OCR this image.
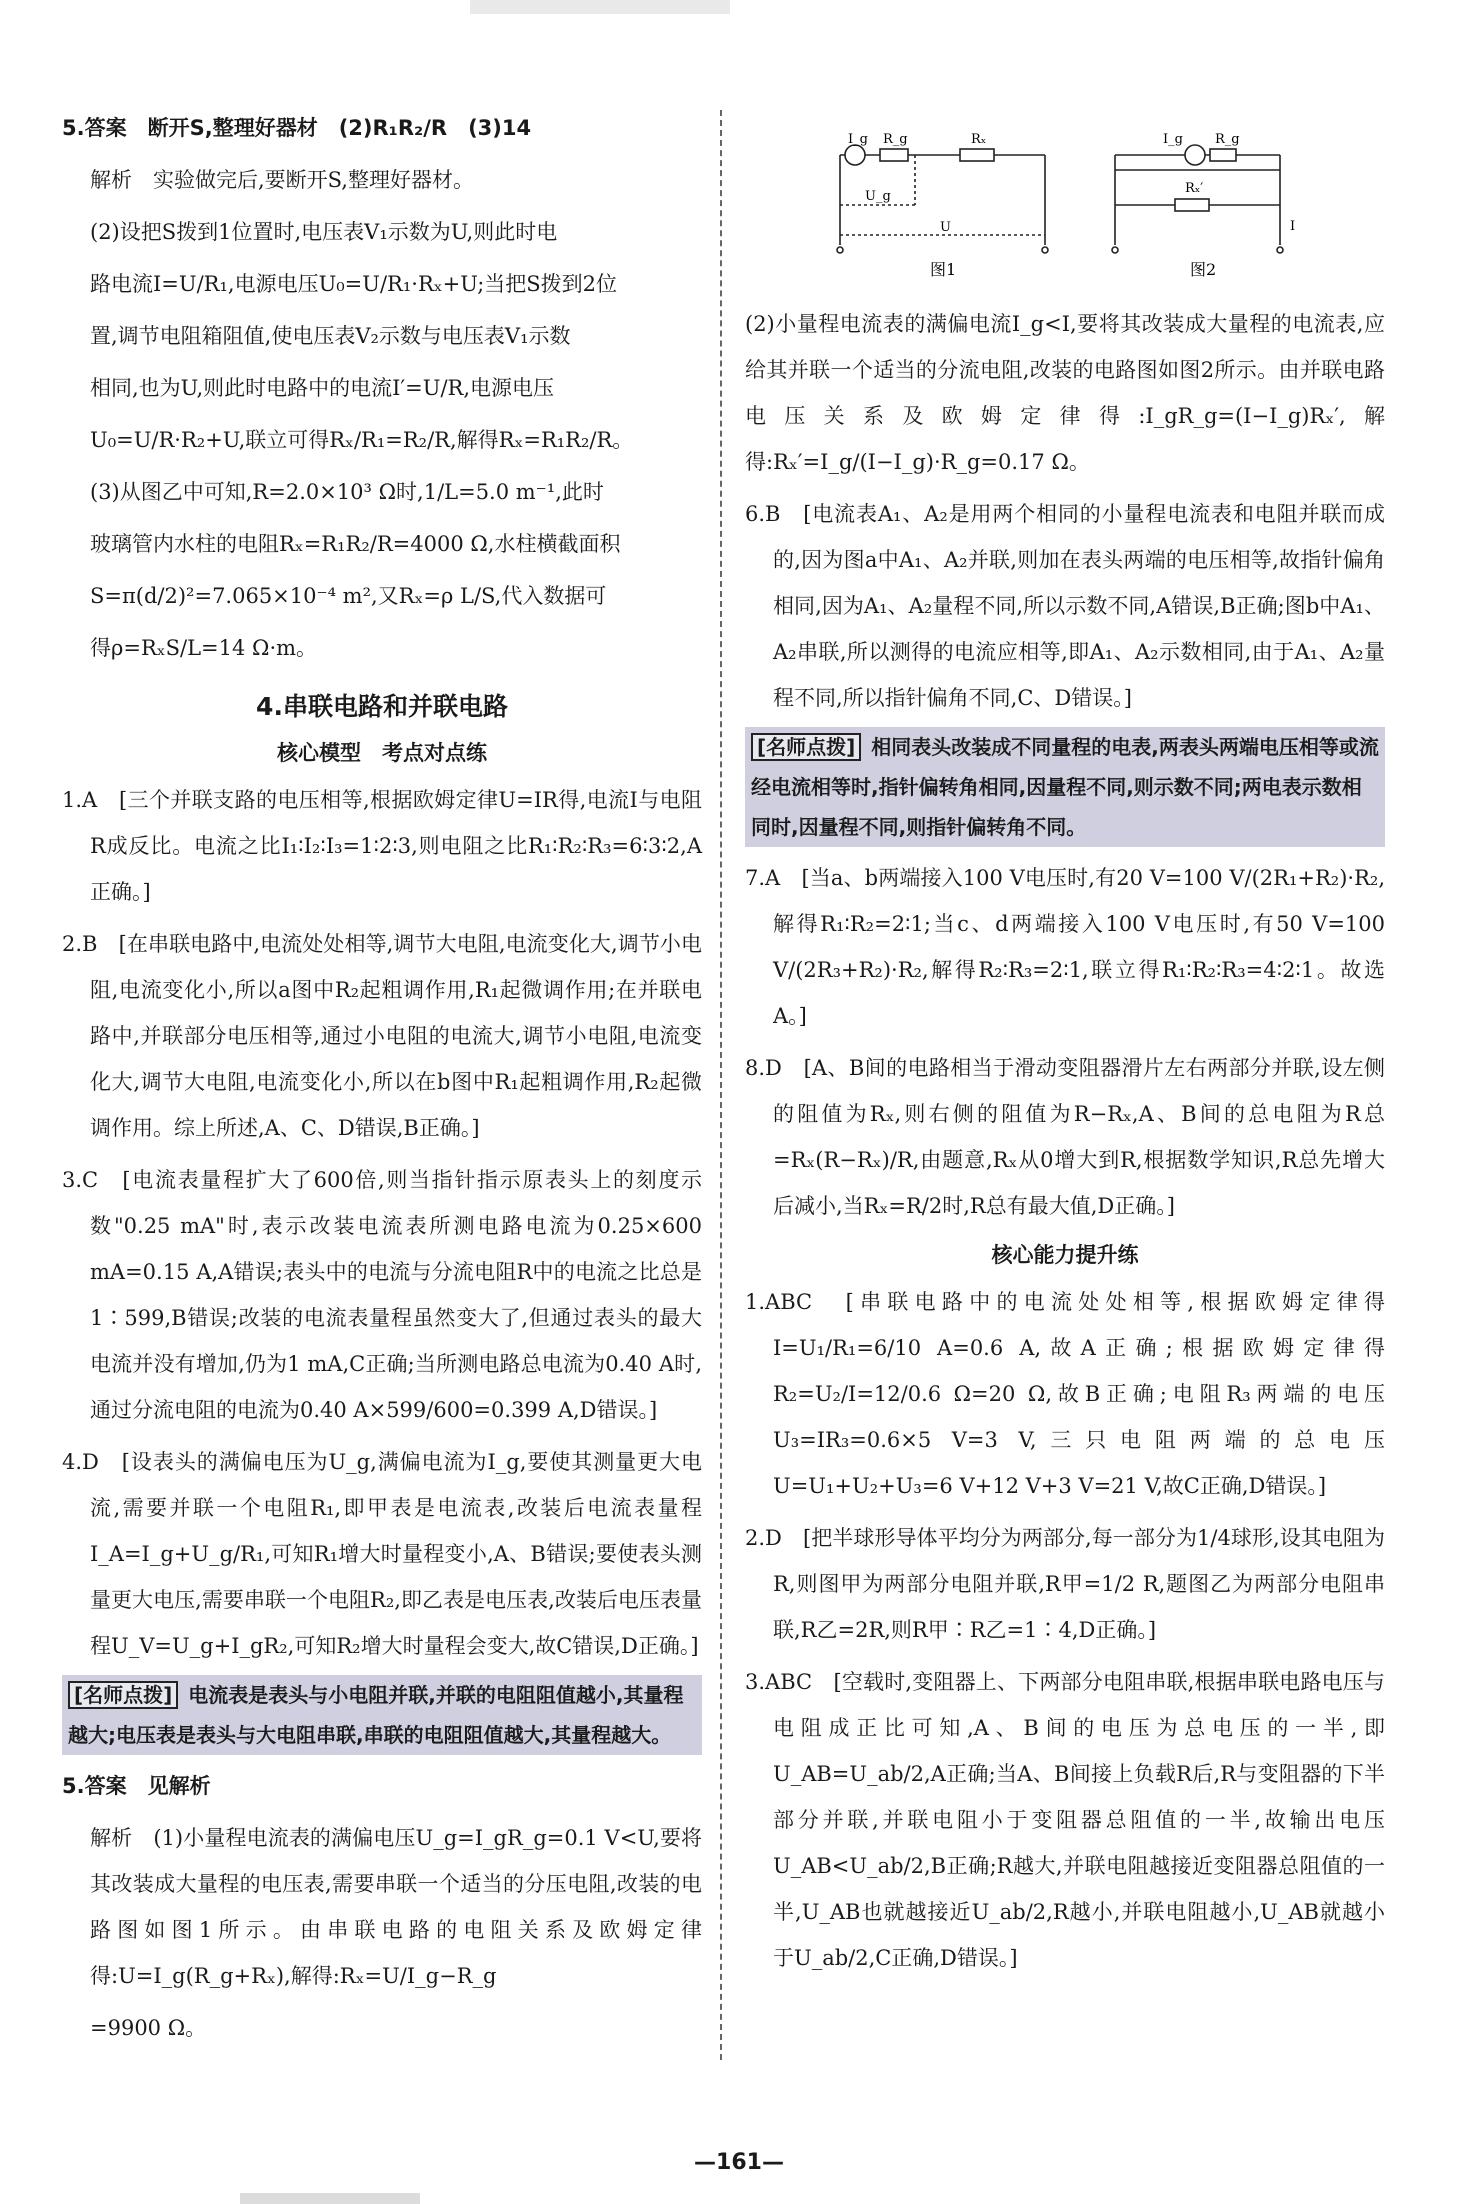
5.答案　断开S,整理好器材　(2)R₁R₂/R　(3)14

解析　实验做完后,要断开S,整理好器材。

(2)设把S拨到1位置时,电压表V₁示数为U,则此时电

路电流I=U/R₁,电源电压U₀=U/R₁·Rₓ+U;当把S拨到2位

置,调节电阻箱阻值,使电压表V₂示数与电压表V₁示数

相同,也为U,则此时电路中的电流I′=U/R,电源电压

U₀=U/R·R₂+U,联立可得Rₓ/R₁=R₂/R,解得Rₓ=R₁R₂/R。

(3)从图乙中可知,R=2.0×10³ Ω时,1/L=5.0 m⁻¹,此时

玻璃管内水柱的电阻Rₓ=R₁R₂/R=4000 Ω,水柱横截面积

S=π(d/2)²=7.065×10⁻⁴ m²,又Rₓ=ρ L/S,代入数据可

得ρ=RₓS/L=14 Ω·m。

4.串联电路和并联电路
核心模型　考点对点练

1.A　[三个并联支路的电压相等,根据欧姆定律U=IR得,电流I与电阻R成反比。电流之比I₁∶I₂∶I₃=1∶2∶3,则电阻之比R₁∶R₂∶R₃=6∶3∶2,A正确。]

2.B　[在串联电路中,电流处处相等,调节大电阻,电流变化大,调节小电阻,电流变化小,所以a图中R₂起粗调作用,R₁起微调作用;在并联电路中,并联部分电压相等,通过小电阻的电流大,调节小电阻,电流变化大,调节大电阻,电流变化小,所以在b图中R₁起粗调作用,R₂起微调作用。综上所述,A、C、D错误,B正确。]

3.C　[电流表量程扩大了600倍,则当指针指示原表头上的刻度示数"0.25 mA"时,表示改装电流表所测电路电流为0.25×600 mA=0.15 A,A错误;表头中的电流与分流电阻R中的电流之比总是1∶599,B错误;改装的电流表量程虽然变大了,但通过表头的最大电流并没有增加,仍为1 mA,C正确;当所测电路总电流为0.40 A时,通过分流电阻的电流为0.40 A×599/600=0.399 A,D错误。]

4.D　[设表头的满偏电压为U_g,满偏电流为I_g,要使其测量更大电流,需要并联一个电阻R₁,即甲表是电流表,改装后电流表量程I_A=I_g+U_g/R₁,可知R₁增大时量程变小,A、B错误;要使表头测量更大电压,需要串联一个电阻R₂,即乙表是电压表,改装后电压表量程U_V=U_g+I_gR₂,可知R₂增大时量程会变大,故C错误,D正确。]

[名师点拨] 电流表是表头与小电阻并联,并联的电阻阻值越小,其量程越大;电压表是表头与大电阻串联,串联的电阻阻值越大,其量程越大。

5.答案　见解析

解析　(1)小量程电流表的满偏电压U_g=I_gR_g=0.1 V<U,要将其改装成大量程的电压表,需要串联一个适当的分压电阻,改装的电路图如图1所示。由串联电路的电阻关系及欧姆定律得:U=I_g(R_g+Rₓ),解得:Rₓ=U/I_g−R_g

=9900 Ω。

I_g R_g	Rₓ
U_g
U
图1
I_g R_g
Rₓ′
I
图2

(2)小量程电流表的满偏电流I_g<I,要将其改装成大量程的电流表,应给其并联一个适当的分流电阻,改装的电路图如图2所示。由并联电路电压关系及欧姆定律得:I_gR_g=(I−I_g)Rₓ′,解得:Rₓ′=I_g/(I−I_g)·R_g=0.17 Ω。

6.B　[电流表A₁、A₂是用两个相同的小量程电流表和电阻并联而成的,因为图a中A₁、A₂并联,则加在表头两端的电压相等,故指针偏角相同,因为A₁、A₂量程不同,所以示数不同,A错误,B正确;图b中A₁、A₂串联,所以测得的电流应相等,即A₁、A₂示数相同,由于A₁、A₂量程不同,所以指针偏角不同,C、D错误。]

[名师点拨] 相同表头改装成不同量程的电表,两表头两端电压相等或流经电流相等时,指针偏转角相同,因量程不同,则示数不同;两电表示数相同时,因量程不同,则指针偏转角不同。

7.A　[当a、b两端接入100 V电压时,有20 V=100 V/(2R₁+R₂)·R₂,解得R₁∶R₂=2∶1;当c、d两端接入100 V电压时,有50 V=100 V/(2R₃+R₂)·R₂,解得R₂∶R₃=2∶1,联立得R₁∶R₂∶R₃=4∶2∶1。故选A。]

8.D　[A、B间的电路相当于滑动变阻器滑片左右两部分并联,设左侧的阻值为Rₓ,则右侧的阻值为R−Rₓ,A、B间的总电阻为R总=Rₓ(R−Rₓ)/R,由题意,Rₓ从0增大到R,根据数学知识,R总先增大后减小,当Rₓ=R/2时,R总有最大值,D正确。]

核心能力提升练

1.ABC　[串联电路中的电流处处相等,根据欧姆定律得I=U₁/R₁=6/10 A=0.6 A,故A正确;根据欧姆定律得R₂=U₂/I=12/0.6 Ω=20 Ω,故B正确;电阻R₃两端的电压U₃=IR₃=0.6×5 V=3 V,三只电阻两端的总电压U=U₁+U₂+U₃=6 V+12 V+3 V=21 V,故C正确,D错误。]

2.D　[把半球形导体平均分为两部分,每一部分为1/4球形,设其电阻为R,则图甲为两部分电阻并联,R甲=1/2 R,题图乙为两部分电阻串联,R乙=2R,则R甲∶R乙=1∶4,D正确。]

3.ABC　[空载时,变阻器上、下两部分电阻串联,根据串联电路电压与电阻成正比可知,A、B间的电压为总电压的一半,即U_AB=U_ab/2,A正确;当A、B间接上负载R后,R与变阻器的下半部分并联,并联电阻小于变阻器总阻值的一半,故输出电压U_AB<U_ab/2,B正确;R越大,并联电阻越接近变阻器总阻值的一半,U_AB也就越接近U_ab/2,R越小,并联电阻越小,U_AB就越小于U_ab/2,C正确,D错误。]

—161—
